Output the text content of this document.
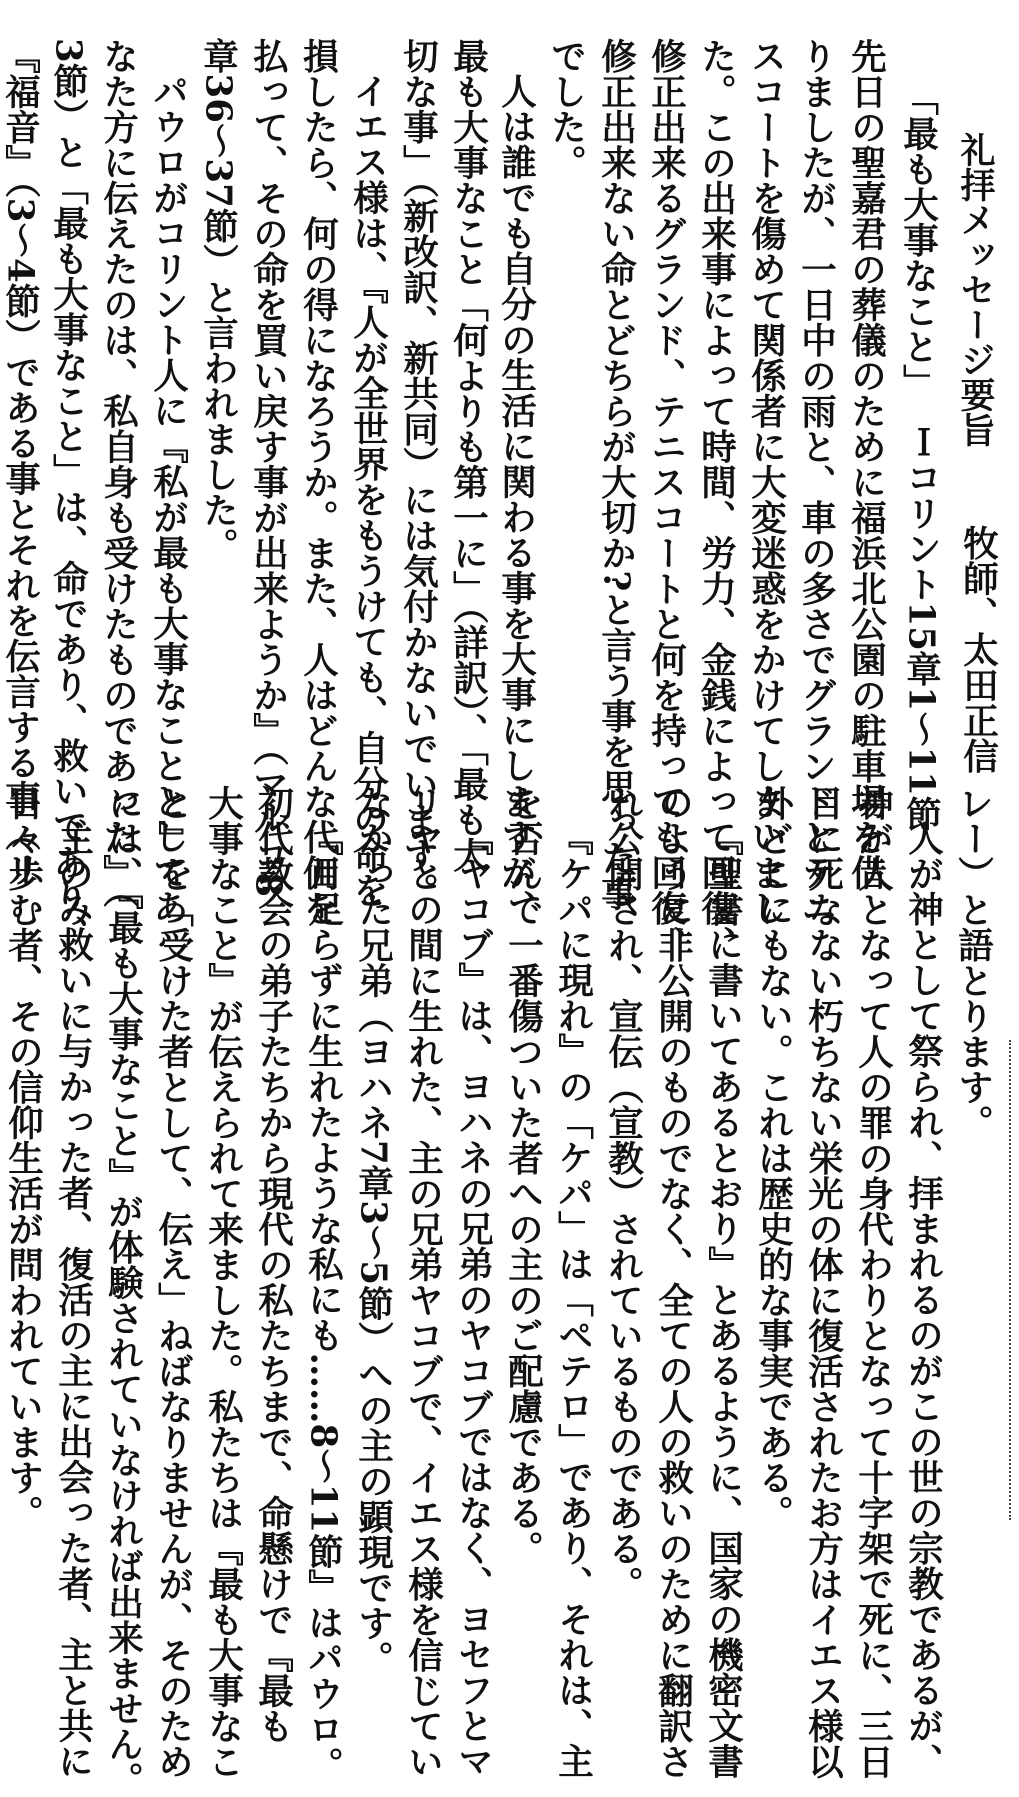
礼拝メッセージ要旨
牧師、太田正信
「最も大事なこと」
Ｉコリント15章1～11節
先日の聖嘉君の葬儀のために福浜北公園の駐車場を借
りましたが、一日中の雨と、車の多さでグランドとテニ
スコートを傷めて関係者に大変迷惑をかけてしまいまし
た。この出来事によって時間、労力、金銭によって回復、
修正出来るグランド、テニスコートと何を持っても回復、
修正出来ない命とどちらが大切か?と言う事を思った事
でした。
人は誰でも自分の生活に関わる事を大事にしますが、
最も大事なこと「何よりも第一に」（詳訳）、「最も大
切な事」（新改訳、新共同）には気付かないでいます。
イエス様は、『人が全世界をもうけても、自分の命を
損したら、何の得になろうか。また、人はどんな代価を
払って、その命を買い戻す事が出来ようか』（マルコ8
章36～37節）と言われました。
パウロがコリント人に『私が最も大事なこととしてあ
なた方に伝えたのは、私自身も受けたものであった』（
3節）と「最も大事なこと」は、命であり、救いであり、
『福音』（3～4節）である事とそれを伝言する事（リ
レー）と語とります。
人が神として祭られ、拝まれるのがこの世の宗教であるが、
神が人となって人の罪の身代わりとなって十字架で死に、三日
目に死なない朽ちない栄光の体に復活されたお方はイエス様以
外どこにもない。これは歴史的な事実である。
『聖書に書いてあるとおり』とあるように、国家の機密文書
のように非公開のものでなく、全ての人の救いのために翻訳さ
れ公開され、宣伝（宣教）されているものである。
『ケパに現れ』の「ケパ」は「ペテロ」であり、それは、主
を否んで一番傷ついた者への主のご配慮である。
『ヤコブ』は、ヨハネの兄弟のヤコブではなく、ヨセフとマ
リヤとの間に生れた、主の兄弟ヤコブで、イエス様を信じてい
なかった兄弟（ヨハネ7章3～5節）への主の顕現です。
『月足らずに生れたような私にも……8～11節』はパウロ。
初代教会の弟子たちから現代の私たちまで、命懸けで『最も
大事なこと』が伝えられて来ました。私たちは『最も大事なこ
と』を「受けた者として、伝え」ねばなりませんが、そのため
には、『最も大事なこと』が体験されていなければ出来ません。
主のみ救いに与かった者、復活の主に出会った者、主と共に
日々歩む者、その信仰生活が問われています。
